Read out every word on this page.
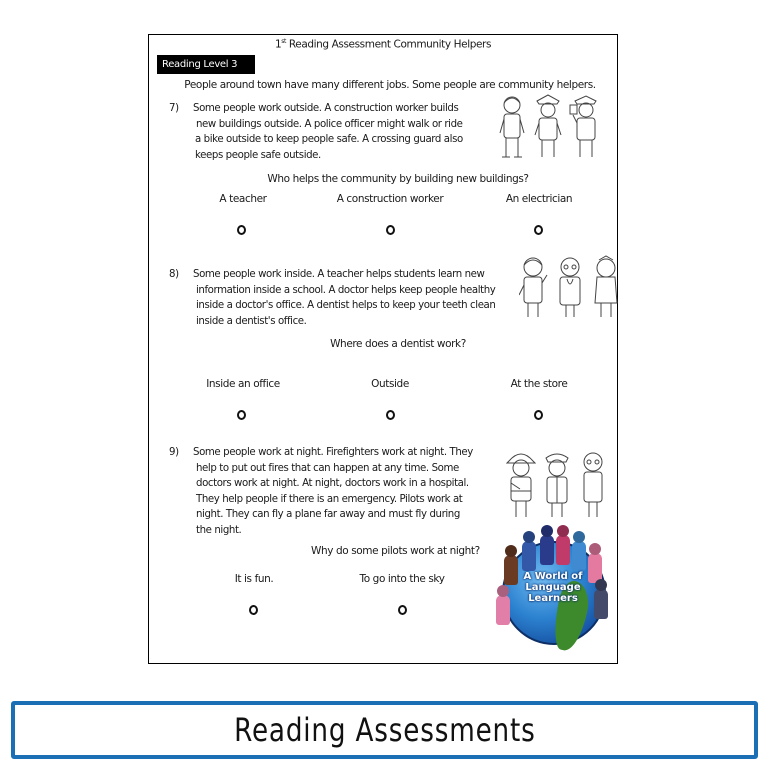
1st Reading Assessment Community Helpers
Reading Level 3
People around town have many different jobs. Some people are community helpers.
7) Some people work outside. A construction worker builds
new buildings outside. A police officer might walk or ride
a bike outside to keep people safe. A crossing guard also
keeps people safe outside.
Who helps the community by building new buildings?
A teacher	A construction worker	An electrician
8) Some people work inside. A teacher helps students learn new
information inside a school. A doctor helps keep people healthy
inside a doctor's office. A dentist helps to keep your teeth clean
inside a dentist's office.
Where does a dentist work?
Inside an office	Outside	At the store
9) Some people work at night. Firefighters work at night. They
help to put out fires that can happen at any time. Some
doctors work at night. At night, doctors work in a hospital.
They help people if there is an emergency. Pilots work at
night. They can fly a plane far away and must fly during
the night.
Why do some pilots work at night?
It is fun.	To go into the sky	A World of
Language
Learners
Reading Assessments
